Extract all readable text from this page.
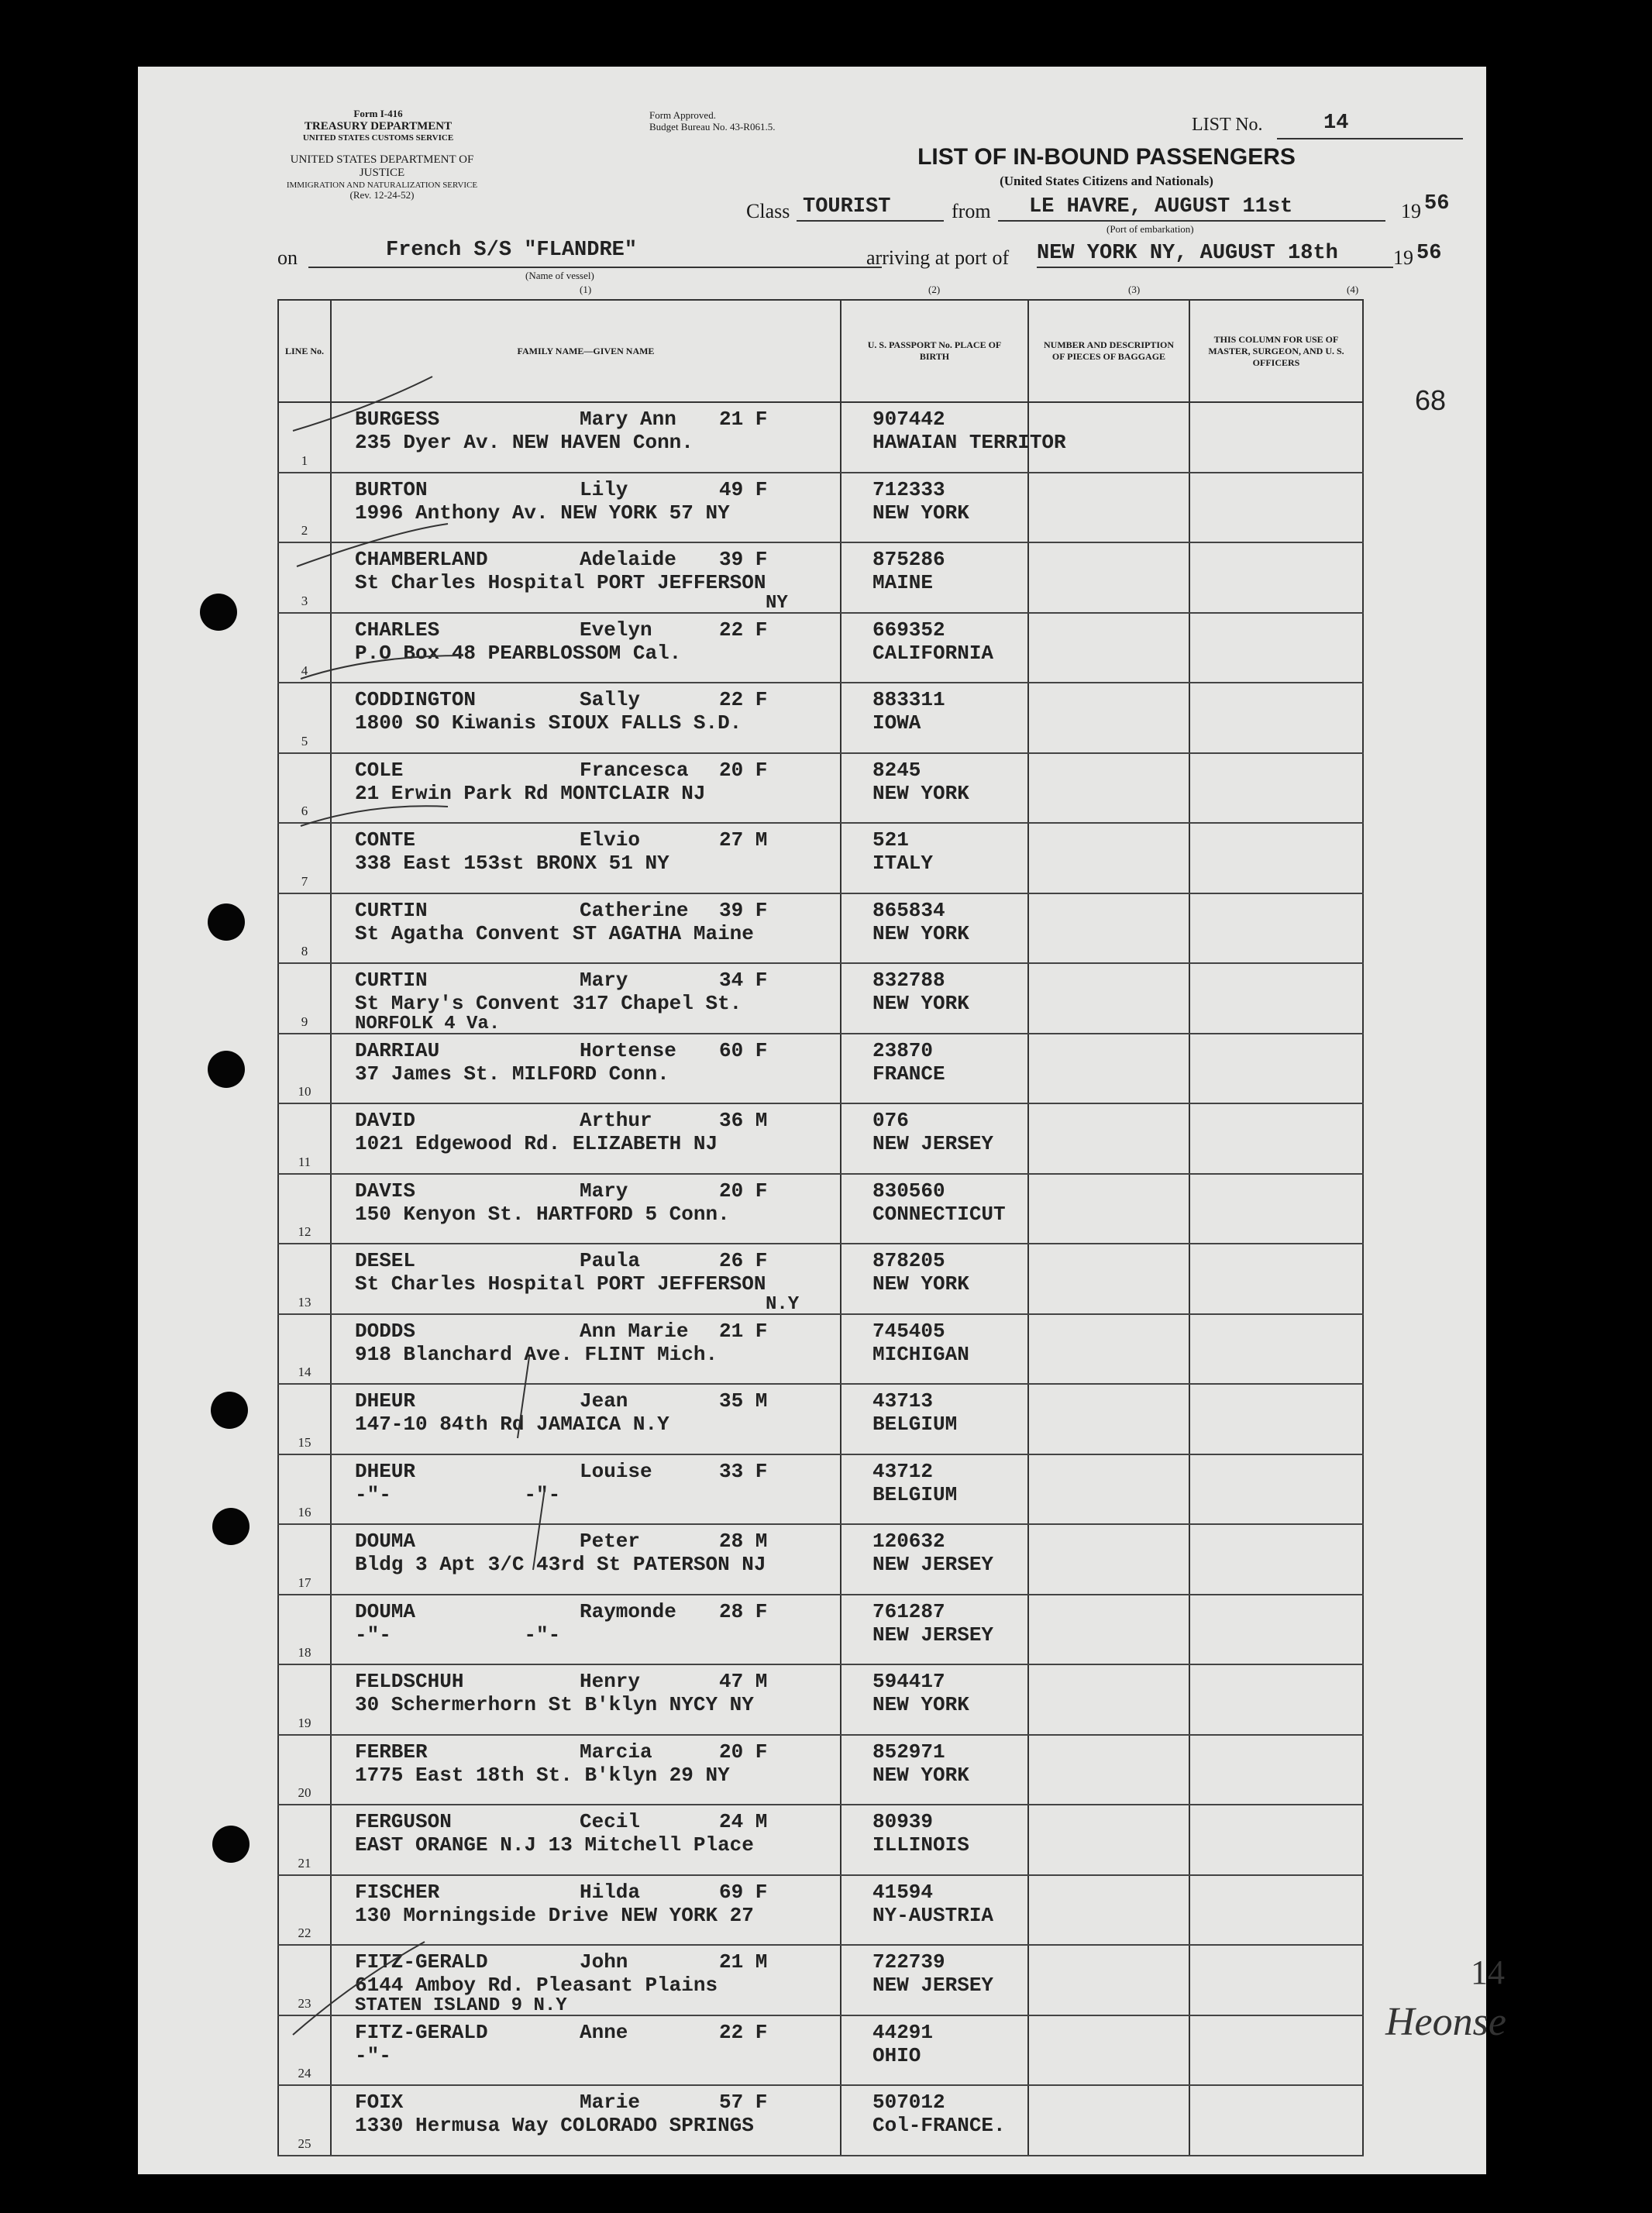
Form I-416
TREASURY DEPARTMENT
UNITED STATES CUSTOMS SERVICE
UNITED STATES DEPARTMENT OF JUSTICE
IMMIGRATION AND NATURALIZATION SERVICE
(Rev. 12-24-52)
Form Approved.
Budget Bureau No. 43-R061.5.	LIST No.	14
LIST OF IN-BOUND PASSENGERS
(United States Citizens and Nationals)
Class TOURIST	from LE HAVRE, AUGUST 11st	19 56
(Port of embarkation)
on	French S/S "FLANDRE"
(Name of vessel)
(1)
arriving at port of NEW YORK NY, AUGUST 18th	19 56
(2)	(3)	(4)
LINE No.	FAMILY NAME—GIVEN NAME	U. S. PASSPORT No. PLACE OF BIRTH	NUMBER AND DESCRIPTION OF PIECES OF BAGGAGE	THIS COLUMN FOR USE OF MASTER, SURGEON, AND U. S. OFFICERS
1	BURGESS Mary Ann 21 F
235 Dyer Av. NEW HAVEN Conn.	907442
HAWAIAN TERRITOR		

2	BURTON Lily 49 F
1996 Anthony Av. NEW YORK 57 NY	712333
NEW YORK		

3	CHAMBERLAND Adelaide 39 F
St Charles Hospital PORT JEFFERSON
NY	875286
MAINE		

4	CHARLES Evelyn 22 F
P.O Box 48 PEARBLOSSOM Cal.	669352
CALIFORNIA		

5	CODDINGTON Sally 22 F
1800 SO Kiwanis SIOUX FALLS S.D.	883311
IOWA		

6	COLE Francesca 20 F
21 Erwin Park Rd MONTCLAIR NJ	8245
NEW YORK		

7	CONTE Elvio 27 M
338 East 153st BRONX 51 NY	521
ITALY		

8	CURTIN Catherine 39 F
St Agatha Convent ST AGATHA Maine	865834
NEW YORK		

9	CURTIN Mary 34 F
St Mary's Convent 317 Chapel St.
NORFOLK 4 Va.	832788
NEW YORK		

10	DARRIAU Hortense 60 F
37 James St. MILFORD Conn.	23870
FRANCE		

11	DAVID Arthur 36 M
1021 Edgewood Rd. ELIZABETH NJ	076
NEW JERSEY		

12	DAVIS Mary 20 F
150 Kenyon St. HARTFORD 5 Conn.	830560
CONNECTICUT		

13	DESEL Paula 26 F
St Charles Hospital PORT JEFFERSON
N.Y	878205
NEW YORK		

14	DODDS Ann Marie 21 F
918 Blanchard Ave. FLINT Mich.	745405
MICHIGAN		

15	DHEUR Jean 35 M
147-10 84th Rd JAMAICA N.Y	43713
BELGIUM		

16	DHEUR Louise 33 F
-"-           -"-	43712
BELGIUM		

17	DOUMA Peter 28 M
Bldg 3 Apt 3/C 43rd St PATERSON NJ	120632
NEW JERSEY		

18	DOUMA Raymonde 28 F
-"-           -"-	761287
NEW JERSEY		

19	FELDSCHUH Henry 47 M
30 Schermerhorn St B'klyn NYCY NY	594417
NEW YORK		

20	FERBER Marcia 20 F
1775 East 18th St. B'klyn 29 NY	852971
NEW YORK		

21	FERGUSON Cecil 24 M
EAST ORANGE N.J 13 Mitchell Place	80939
ILLINOIS		

22	FISCHER Hilda 69 F
130 Morningside Drive NEW YORK 27	41594
NY-AUSTRIA		

23	FITZ-GERALD John 21 M
6144 Amboy Rd. Pleasant Plains
STATEN ISLAND 9 N.Y	722739
NEW JERSEY		

24	FITZ-GERALD Anne 22 F
-"-	44291
OHIO		

25	FOIX Marie 57 F
1330 Hermusa Way COLORADO SPRINGS	507012
Col-FRANCE.		

68
Heonse
14
